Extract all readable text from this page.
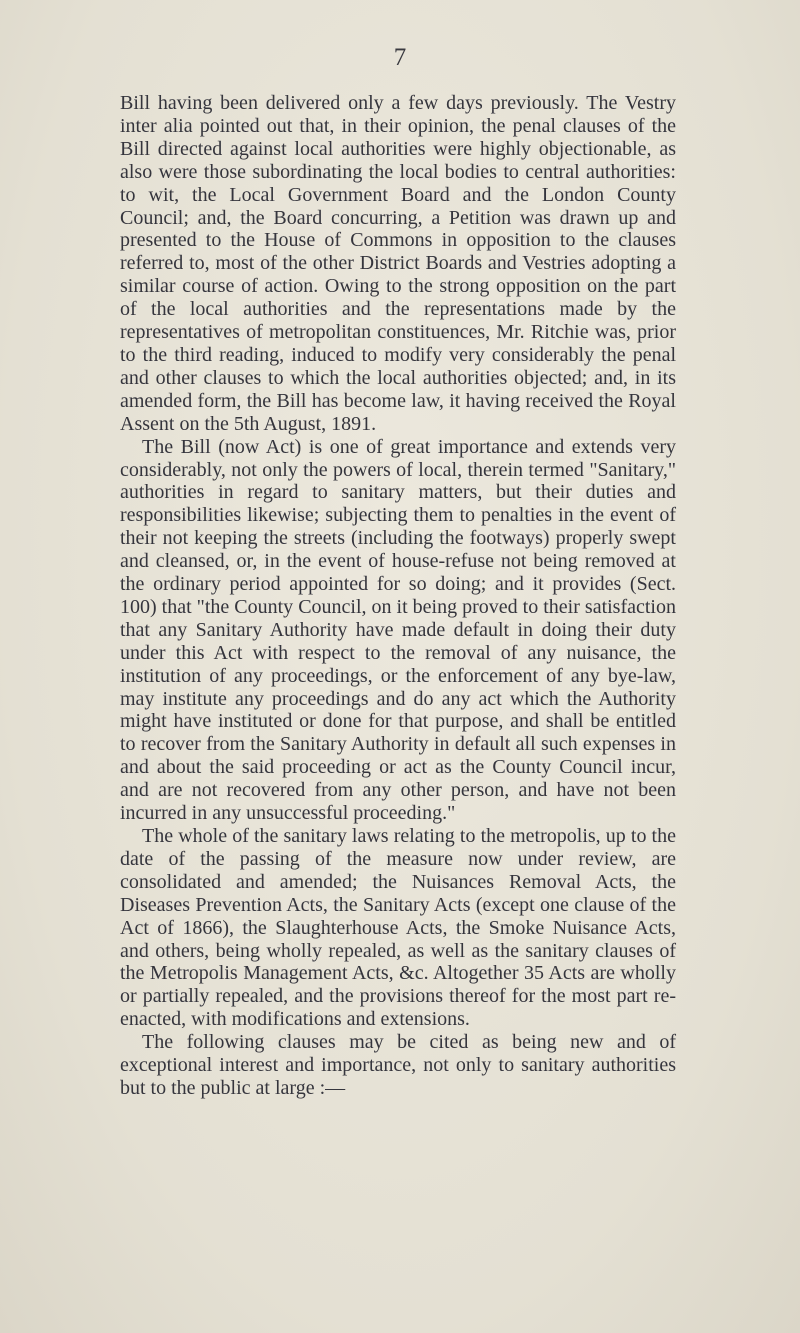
7

Bill having been delivered only a few days previously. The Vestry inter alia pointed out that, in their opinion, the penal clauses of the Bill directed against local authorities were highly objectionable, as also were those subordinating the local bodies to central authorities: to wit, the Local Government Board and the London County Council; and, the Board concurring, a Petition was drawn up and presented to the House of Commons in opposition to the clauses referred to, most of the other District Boards and Vestries adopting a similar course of action. Owing to the strong opposition on the part of the local authorities and the representations made by the representatives of metropolitan constituences, Mr. Ritchie was, prior to the third reading, induced to modify very considerably the penal and other clauses to which the local authorities objected; and, in its amended form, the Bill has become law, it having received the Royal Assent on the 5th August, 1891.

The Bill (now Act) is one of great importance and extends very considerably, not only the powers of local, therein termed "Sanitary," authorities in regard to sanitary matters, but their duties and responsibilities likewise; subjecting them to penalties in the event of their not keeping the streets (including the footways) properly swept and cleansed, or, in the event of house-refuse not being removed at the ordinary period appointed for so doing; and it provides (Sect. 100) that "the County Council, on it being proved to their satisfaction that any Sanitary Authority have made default in doing their duty under this Act with respect to the removal of any nuisance, the institution of any proceedings, or the enforcement of any bye-law, may institute any proceedings and do any act which the Authority might have instituted or done for that purpose, and shall be entitled to recover from the Sanitary Authority in default all such expenses in and about the said proceeding or act as the County Council incur, and are not recovered from any other person, and have not been incurred in any unsuccessful proceeding."

The whole of the sanitary laws relating to the metropolis, up to the date of the passing of the measure now under review, are consolidated and amended; the Nuisances Removal Acts, the Diseases Prevention Acts, the Sanitary Acts (except one clause of the Act of 1866), the Slaughterhouse Acts, the Smoke Nuisance Acts, and others, being wholly repealed, as well as the sanitary clauses of the Metropolis Management Acts, &c. Altogether 35 Acts are wholly or partially repealed, and the provisions thereof for the most part re-enacted, with modifications and extensions.

The following clauses may be cited as being new and of exceptional interest and importance, not only to sanitary authorities but to the public at large :—
